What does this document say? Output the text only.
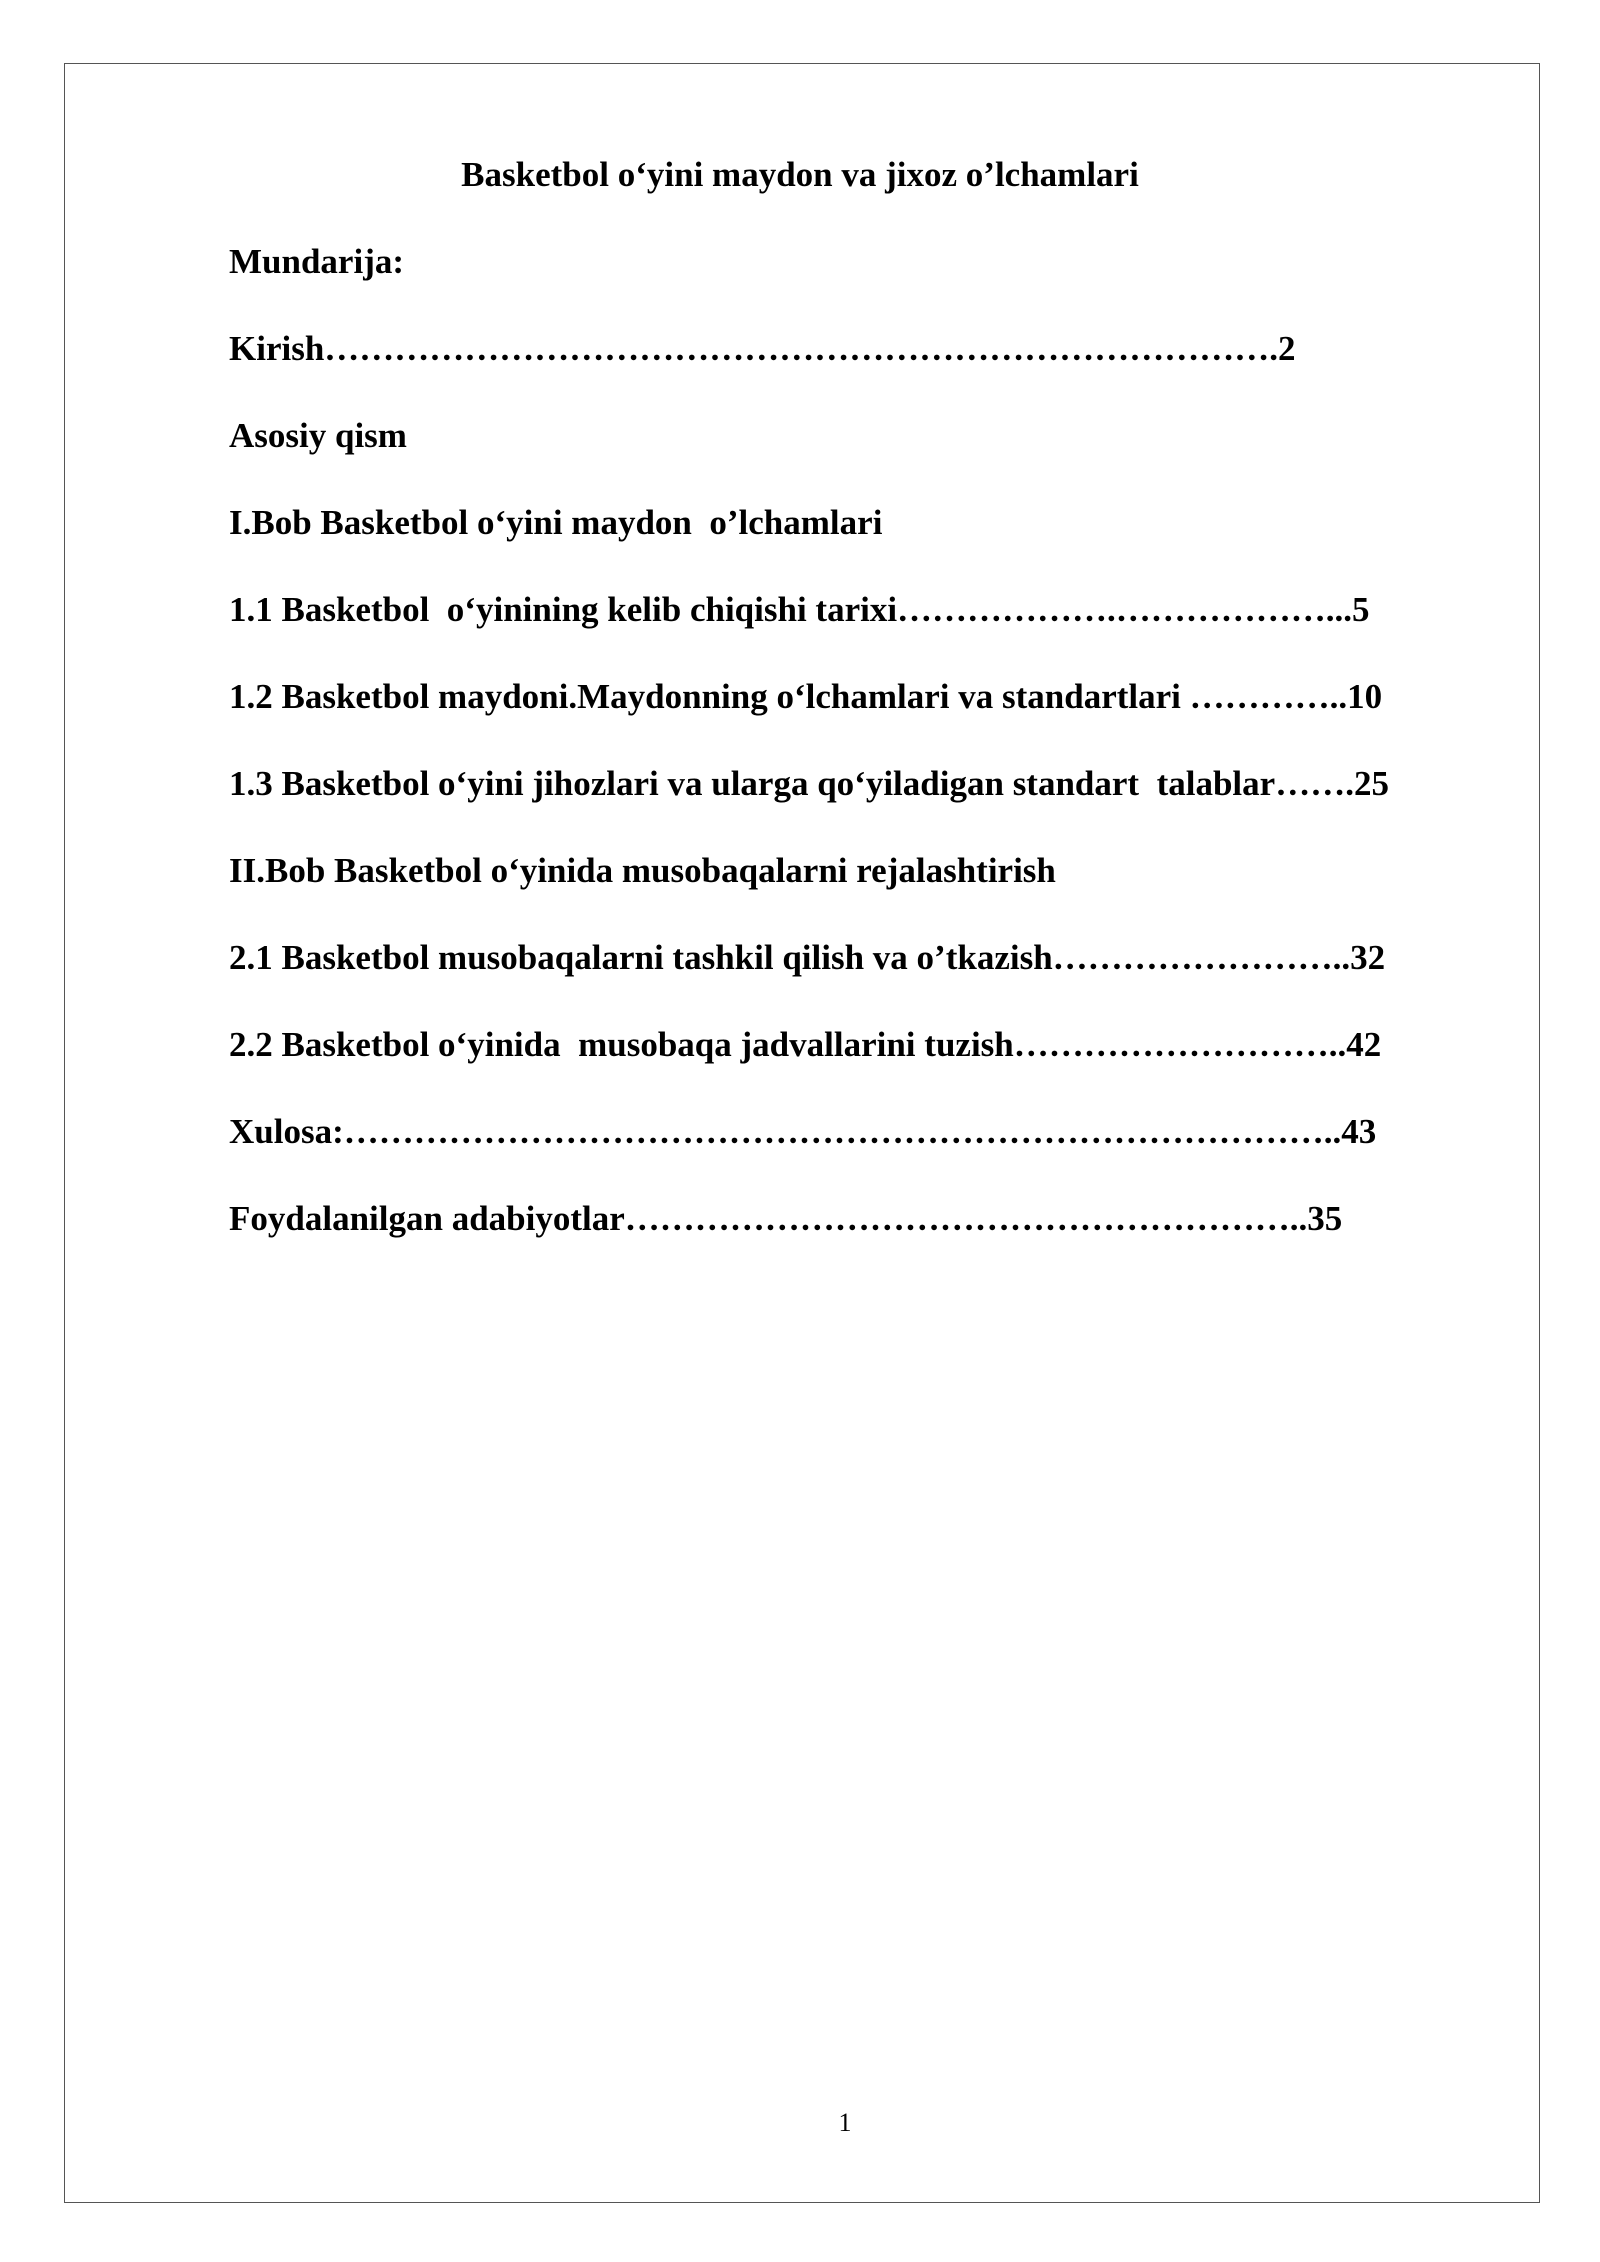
Basketbol o‘yini maydon va jixoz o’lchamlari
Mundarija:
Kirish……………………………………………………………………….2
Asosiy qism
I.Bob Basketbol o‘yini maydon  o’lchamlari
1.1 Basketbol  o‘yinining kelib chiqishi tarixi……………….………………...5
1.2 Basketbol maydoni.Maydonning o‘lchamlari va standartlari …………..10
1.3 Basketbol o‘yini jihozlari va ularga qo‘yiladigan standart  talablar…….25
II.Bob Basketbol o‘yinida musobaqalarni rejalashtirish
2.1 Basketbol musobaqalarni tashkil qilish va o’tkazish……………………..32
2.2 Basketbol o‘yinida  musobaqa jadvallarini tuzish………………………..42
Xulosa:…………………………………………………………………………..43
Foydalanilgan adabiyotlar…………………………………………………..35
1
